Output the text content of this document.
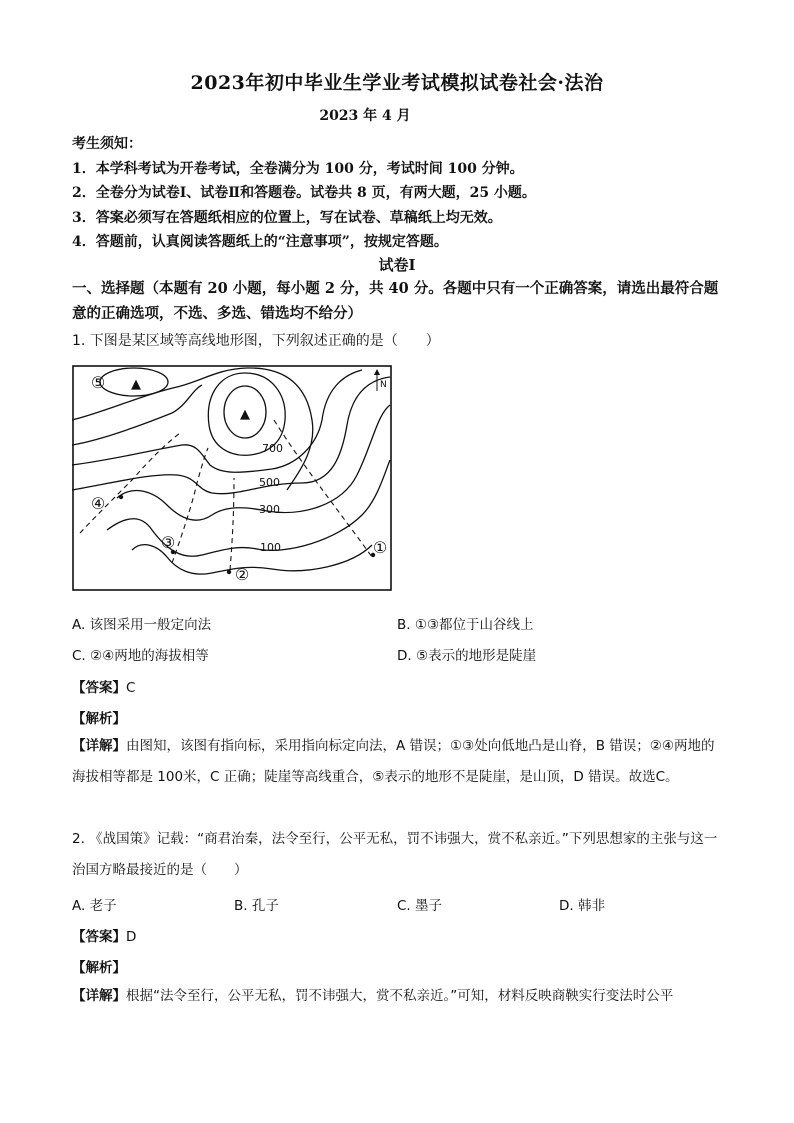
2023年初中毕业生学业考试模拟试卷社会·法治
2023 年 4 月
考生须知：
1．本学科考试为开卷考试，全卷满分为 100 分，考试时间 100 分钟。
2．全卷分为试卷Ⅰ、试卷Ⅱ和答题卷。试卷共 8 页，有两大题，25 小题。
3．答案必须写在答题纸相应的位置上，写在试卷、草稿纸上均无效。
4．答题前，认真阅读答题纸上的“注意事项”，按规定答题。
试卷Ⅰ
一、选择题（本题有 20 小题，每小题 2 分，共 40 分。各题中只有一个正确答案，请选出最符合题意的正确选项，不选、多选、错选均不给分）
1. 下图是某区域等高线地形图，下列叙述正确的是（　　）
▲
▲
N
700
500
300
100
⑤
④
③
②
①
A. 该图采用一般定向法	B. ①③都位于山谷线上
C. ②④两地的海拔相等	D. ⑤表示的地形是陡崖
【答案】C
【解析】
【详解】由图知，该图有指向标，采用指向标定向法，A 错误；①③处向低地凸是山脊，B 错误；②④两地的海拔相等都是 100米，C 正确；陡崖等高线重合，⑤表示的地形不是陡崖，是山顶，D 错误。故选C。
2. 《战国策》记载：“商君治秦，法令至行，公平无私，罚不讳强大，赏不私亲近。”下列思想家的主张与这一治国方略最接近的是（　　）
A. 老子	B. 孔子	C. 墨子	D. 韩非
【答案】D
【解析】
【详解】根据“法令至行，公平无私，罚不讳强大，赏不私亲近。”可知，材料反映商鞅实行变法时公平
